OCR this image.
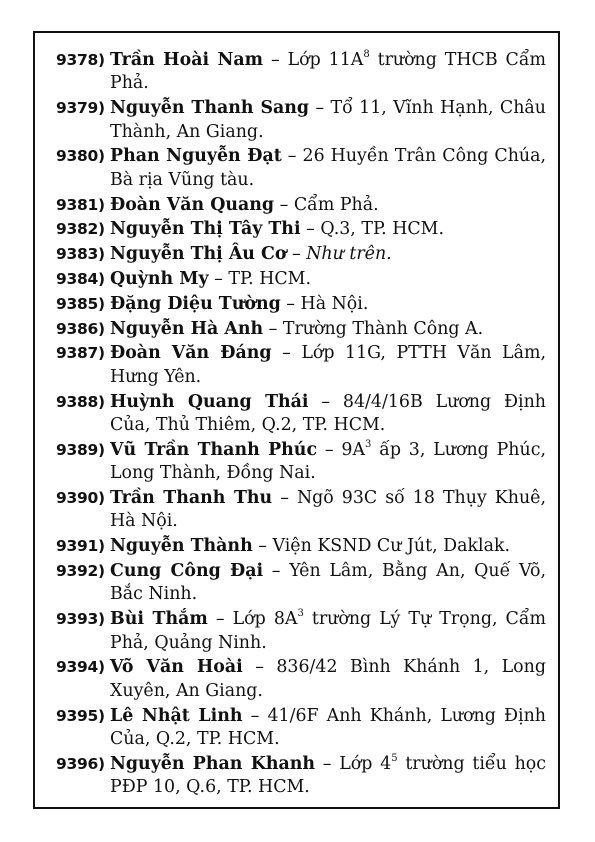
9378) Trần Hoài Nam – Lớp $11A^8$ trường THCB Cẩm Phả.
9379) Nguyễn Thanh Sang – Tổ 11, Vĩnh Hạnh, Châu Thành, An Giang.
9380) Phan Nguyễn Đạt – 26 Huyền Trân Công Chúa, Bà rịa Vũng tàu.
9381) Đoàn Văn Quang – Cẩm Phả.
9382) Nguyễn Thị Tây Thi – Q.3, TP. HCM.
9383) Nguyễn Thị Âu Cơ – Như trên.
9384) Quỳnh My – TP. HCM.
9385) Đặng Diệu Tường – Hà Nội.
9386) Nguyễn Hà Anh – Trường Thành Công A.
9387) Đoàn Văn Đáng – Lớp 11G, PTTH Văn Lâm, Hưng Yên.
9388) Huỳnh Quang Thái – 84/4/16B Lương Định Của, Thủ Thiêm, Q.2, TP. HCM.
9389) Vũ Trần Thanh Phúc – $9A^3$ ấp 3, Lương Phúc, Long Thành, Đồng Nai.
9390) Trần Thanh Thu – Ngõ 93C số 18 Thụy Khuê, Hà Nội.
9391) Nguyễn Thành – Viện KSND Cư Jút, Daklak.
9392) Cung Công Đại – Yên Lâm, Bằng An, Quế Võ, Bắc Ninh.
9393) Bùi Thắm – Lớp $8A^3$ trường Lý Tự Trọng, Cẩm Phả, Quảng Ninh.
9394) Võ Văn Hoài – 836/42 Bình Khánh 1, Long Xuyên, An Giang.
9395) Lê Nhật Linh – 41/6F Anh Khánh, Lương Định Của, Q.2, TP. HCM.
9396) Nguyễn Phan Khanh – Lớp $4^5$ trường tiểu học PĐP 10, Q.6, TP. HCM.
